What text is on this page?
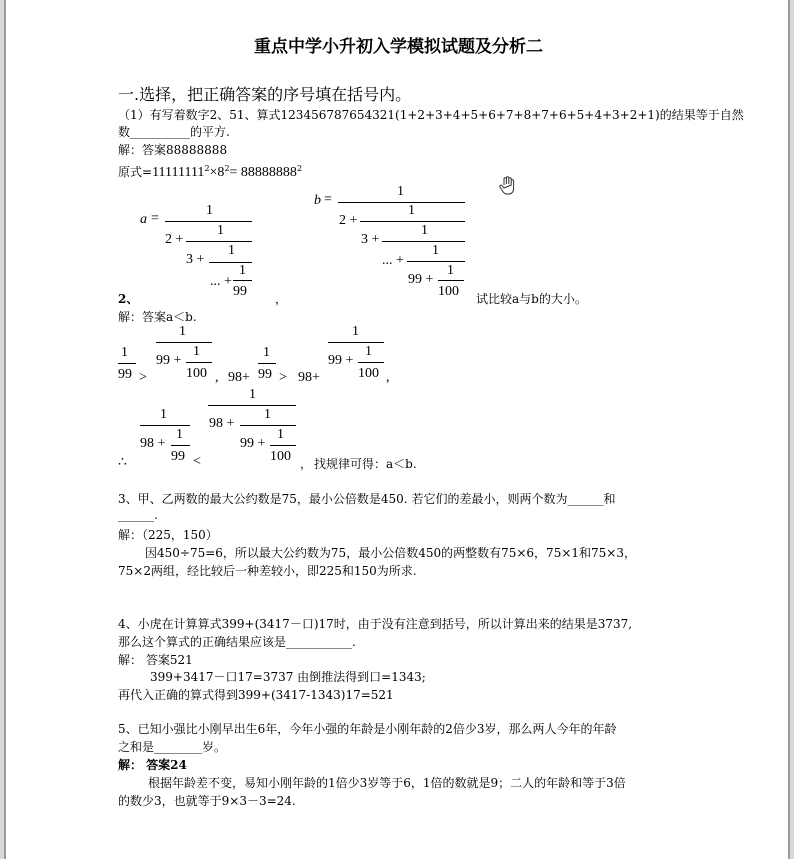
重点中学小升初入学模拟试题及分析二
一.选择，把正确答案的序号填在括号内。
（1）有写着数字2、51、算式123456787654321(1+2+3+4+5+6+7+8+7+6+5+4+3+2+1)的结果等于自然
数__________的平方.
解：答案88888888
原式$=11111111^2\times 8^2= 88888888^2$
a =
1
2 +
1
3 +
1
... +
1
99
b =
1
2 +
1
3 +
1
... +
1
99 +
1
100
2、	，	试比较a与b的大小。
解：答案a＜b.
1
99 >
1
99 +
1
100 , 98+
1
99 > 98+
1
99 +
1
100 ,
1
98 +
1
99 <
1
98 +
1
99 +
1
100
∴	， 找规律可得：a＜b.
3、甲、乙两数的最大公约数是75，最小公倍数是450. 若它们的差最小，则两个数为______和
______.
解：（225，150）
因450÷75=6，所以最大公约数为75，最小公倍数450的两整数有75×6，75×1和75×3，
75×2两组，经比较后一种差较小，即225和150为所求.
4、小虎在计算算式399+(3417－口)17时，由于没有注意到括号，所以计算出来的结果是3737,
那么这个算式的正确结果应该是___________.
解： 答案521
399+3417－口17=3737 由倒推法得到口=1343;
再代入正确的算式得到399+(3417-1343)17=521
5、已知小强比小刚早出生6年，今年小强的年龄是小刚年龄的2倍少3岁，那么两人今年的年龄
之和是________岁。
解： 答案24
根据年龄差不变，易知小刚年龄的1倍少3岁等于6，1倍的数就是9；二人的年龄和等于3倍
的数少3，也就等于9×3－3=24.
